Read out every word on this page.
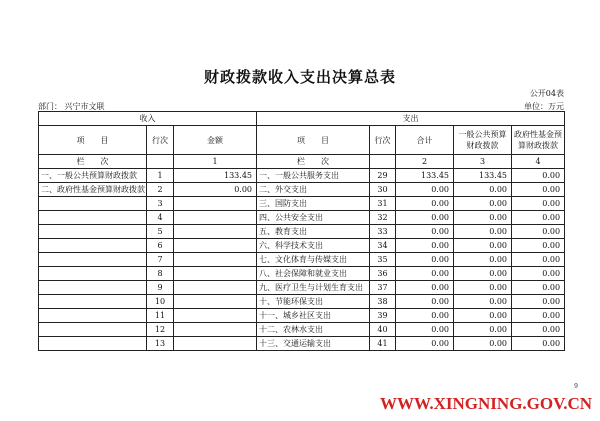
财政拨款收入支出决算总表
公开04表
部门： 兴宁市文联	单位：万元
收入			支出				
项　　目	行次	金额	项　　目	行次	合计	一般公共预算财政拨款	政府性基金预算财政拨款
栏　　次		1	栏　　次		2	3	4
一、一般公共预算财政拨款	1	133.45	一、一般公共服务支出	29	133.45	133.45	0.00
二、政府性基金预算财政拨款	2	0.00	二、外交支出	30	0.00	0.00	0.00
	3		三、国防支出	31	0.00	0.00	0.00
	4		四、公共安全支出	32	0.00	0.00	0.00
	5		五、教育支出	33	0.00	0.00	0.00
	6		六、科学技术支出	34	0.00	0.00	0.00
	7		七、文化体育与传媒支出	35	0.00	0.00	0.00
	8		八、社会保障和就业支出	36	0.00	0.00	0.00
	9		九、医疗卫生与计划生育支出	37	0.00	0.00	0.00
	10		十、节能环保支出	38	0.00	0.00	0.00
	11		十一、城乡社区支出	39	0.00	0.00	0.00
	12		十二、农林水支出	40	0.00	0.00	0.00
	13		十三、交通运输支出	41	0.00	0.00	0.00
9
WWW.XINGNING.GOV.CN
